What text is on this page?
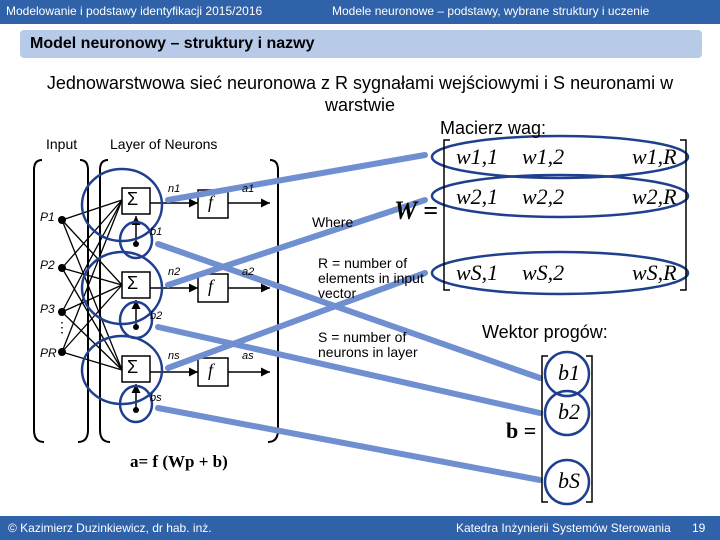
Modelowanie i podstawy identyfikacji 2015/2016	Modele neuronowe – podstawy, wybrane struktury i uczenie
Model neuronowy – struktury i nazwy
Jednowarstwowa sieć neuronowa z R sygnałami wejściowymi i S neuronami w warstwie
⋮
Input Layer of Neurons
P1
P2
P3
PR
Σ
Σ
Σ
f
f
f
n1
n2
ns
a1
a2
as
b1
b2
bs
Where
R = number of elements in input vector
S = number of neurons in layer
a= f (Wp + b)
Macierz wag:
W =
w1,1 w1,2	w1,R
w2,1 w2,2	w2,R
wS,1 wS,2	wS,R
Wektor progów:
b =
b1
b2
bS
© Kazimierz Duzinkiewicz, dr hab. inż.	Katedra Inżynierii Systemów Sterowania 19
